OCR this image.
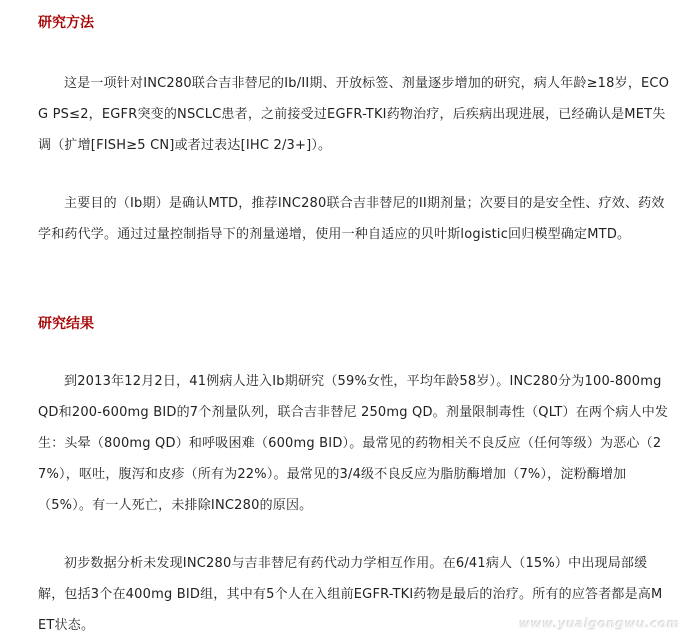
研究方法

这是一项针对INC280联合吉非替尼的Ib/II期、开放标签、剂量逐步增加的研究，病人年龄≥18岁，ECOG PS≤2，EGFR突变的NSCLC患者，之前接受过EGFR-TKI药物治疗，后疾病出现进展，已经确认是MET失调（扩增[FISH≥5 CN]或者过表达[IHC 2/3+]）。

主要目的（Ib期）是确认MTD，推荐INC280联合吉非替尼的II期剂量；次要目的是安全性、疗效、药效学和药代学。通过过量控制指导下的剂量递增，使用一种自适应的贝叶斯logistic回归模型确定MTD。

研究结果

到2013年12月2日，41例病人进入Ib期研究（59%女性，平均年龄58岁）。INC280分为100-800mg QD和200-600mg BID的7个剂量队列，联合吉非替尼 250mg QD。剂量限制毒性（QLT）在两个病人中发生：头晕（800mg QD）和呼吸困难（600mg BID）。最常见的药物相关不良反应（任何等级）为恶心（27%），呕吐，腹泻和皮疹（所有为22%）。最常见的3/4级不良反应为脂肪酶增加（7%），淀粉酶增加（5%）。有一人死亡，未排除INC280的原因。

初步数据分析未发现INC280与吉非替尼有药代动力学相互作用。在6/41病人（15%）中出现局部缓解，包括3个在400mg BID组，其中有5个人在入组前EGFR-TKI药物是最后的治疗。所有的应答者都是高MET状态。	www.yuaigongwu.com
